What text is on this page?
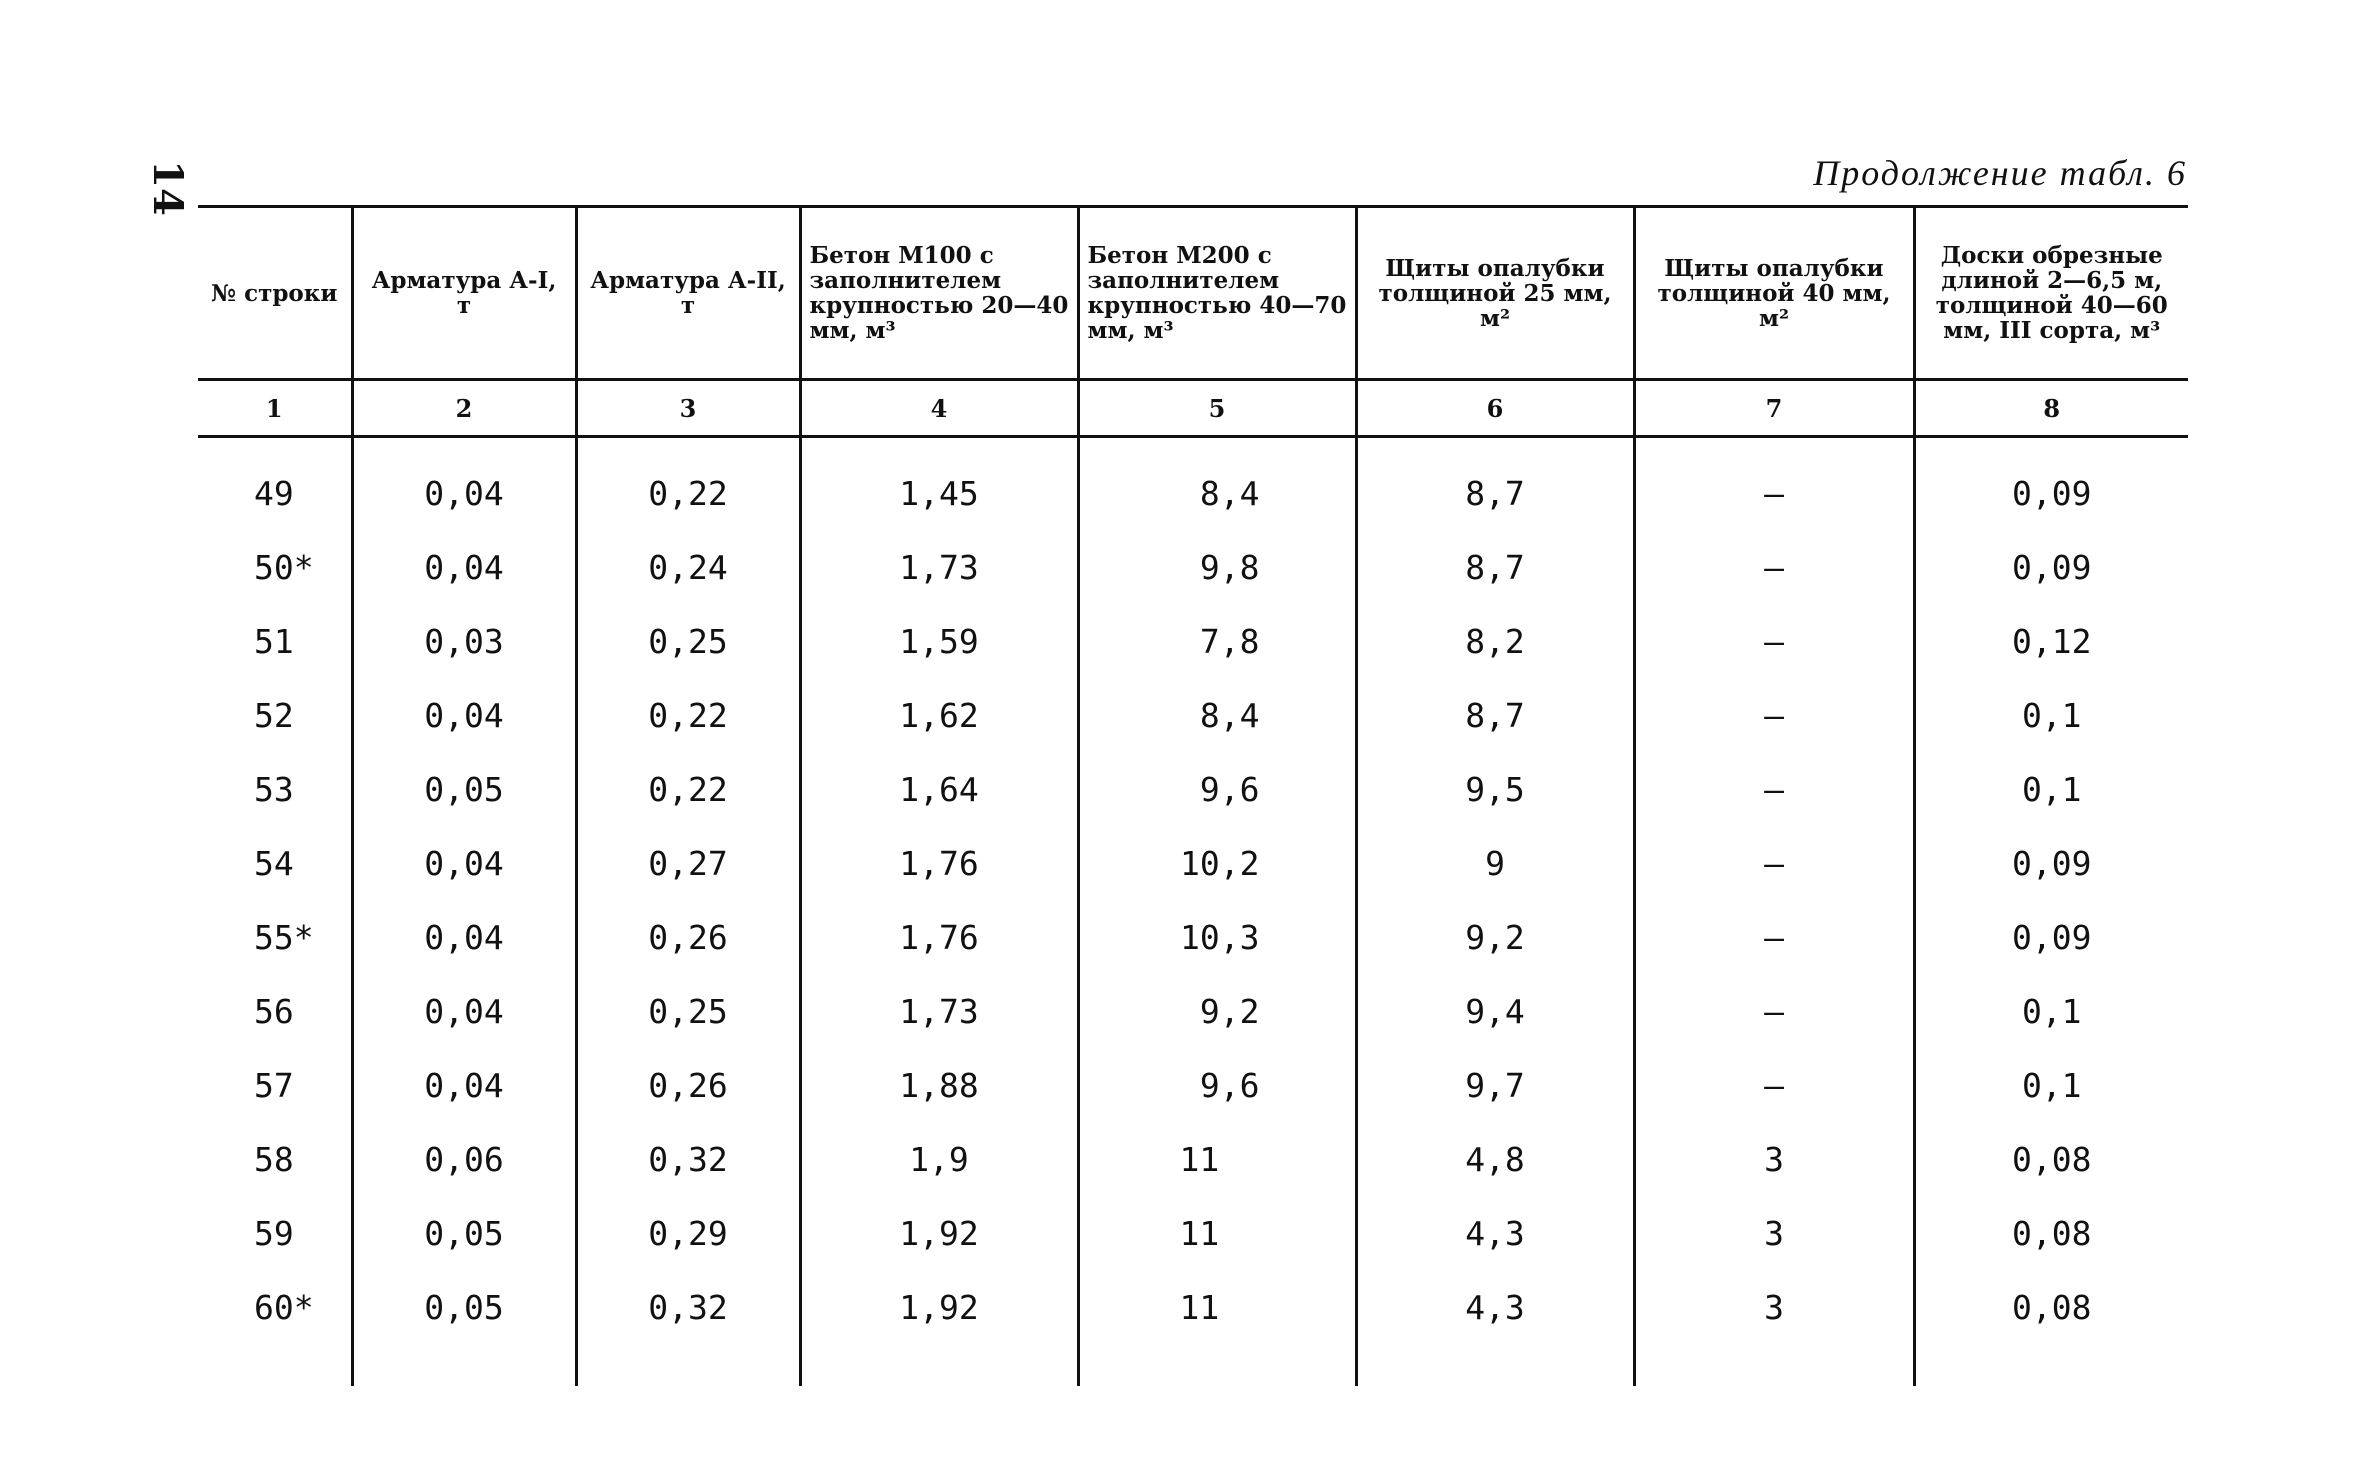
14	Продолжение табл. 6
№ строки	Арматура А-I, т	Арматура А-II, т	Бетон М100 с заполнителем крупностью 20—40 мм, м³	Бетон М200 с заполнителем крупностью 40—70 мм, м³	Щиты опалубки толщиной 25 мм, м²	Щиты опалубки толщиной 40 мм, м²	Доски обрезные длиной 2—6,5 м, толщиной 40—60 мм, III сорта, м³
1	2	3	4	5	6	7	8

49	0,04	0,22	1,45	8,4	8,7	—	0,09
50*	0,04	0,24	1,73	9,8	8,7	—	0,09
51	0,03	0,25	1,59	7,8	8,2	—	0,12
52	0,04	0,22	1,62	8,4	8,7	—	0,1
53	0,05	0,22	1,64	9,6	9,5	—	0,1
54	0,04	0,27	1,76	10,2	9	—	0,09
55*	0,04	0,26	1,76	10,3	9,2	—	0,09
56	0,04	0,25	1,73	9,2	9,4	—	0,1
57	0,04	0,26	1,88	9,6	9,7	—	0,1
58	0,06	0,32	1,9	11	4,8	3	0,08
59	0,05	0,29	1,92	11	4,3	3	0,08
60*	0,05	0,32	1,92	11	4,3	3	0,08
